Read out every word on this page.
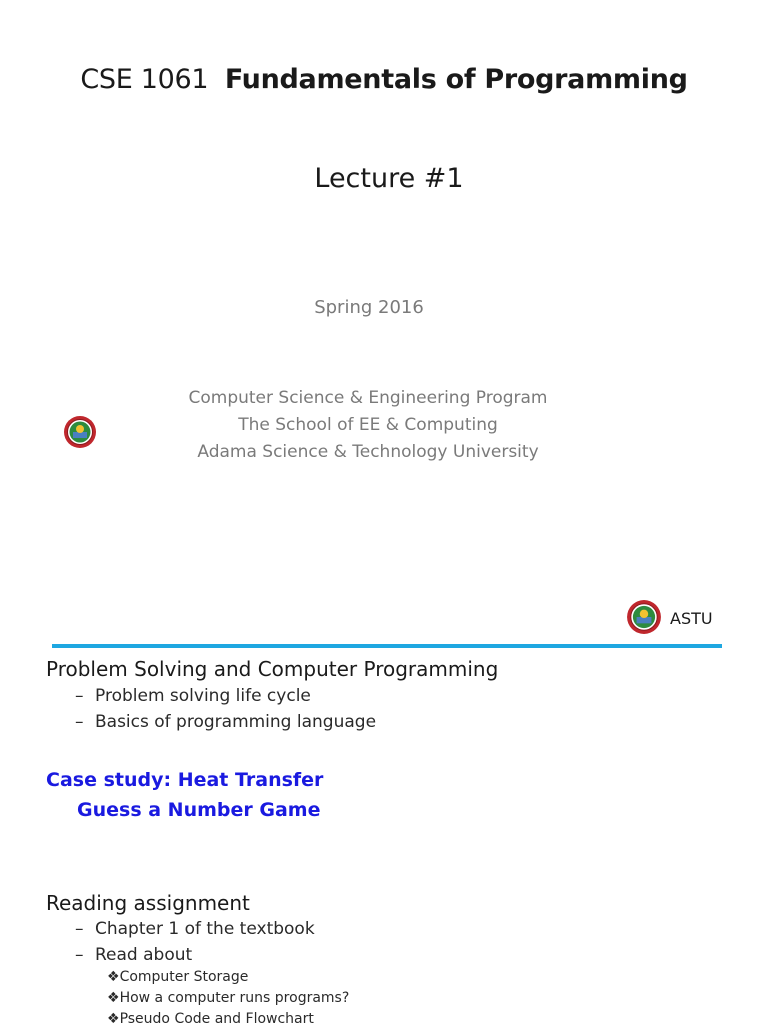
CSE 1061 Fundamentals of Programming
Lecture #1
Spring 2016
Computer Science & Engineering Program
The School of EE & Computing
Adama Science & Technology University
ASTU
Problem Solving and Computer Programming
– Problem solving life cycle
– Basics of programming language
Case study: Heat Transfer
Guess a Number Game
Reading assignment
– Chapter 1 of the textbook
– Read about
❖Computer Storage
❖How a computer runs programs?
❖Pseudo Code and Flowchart
